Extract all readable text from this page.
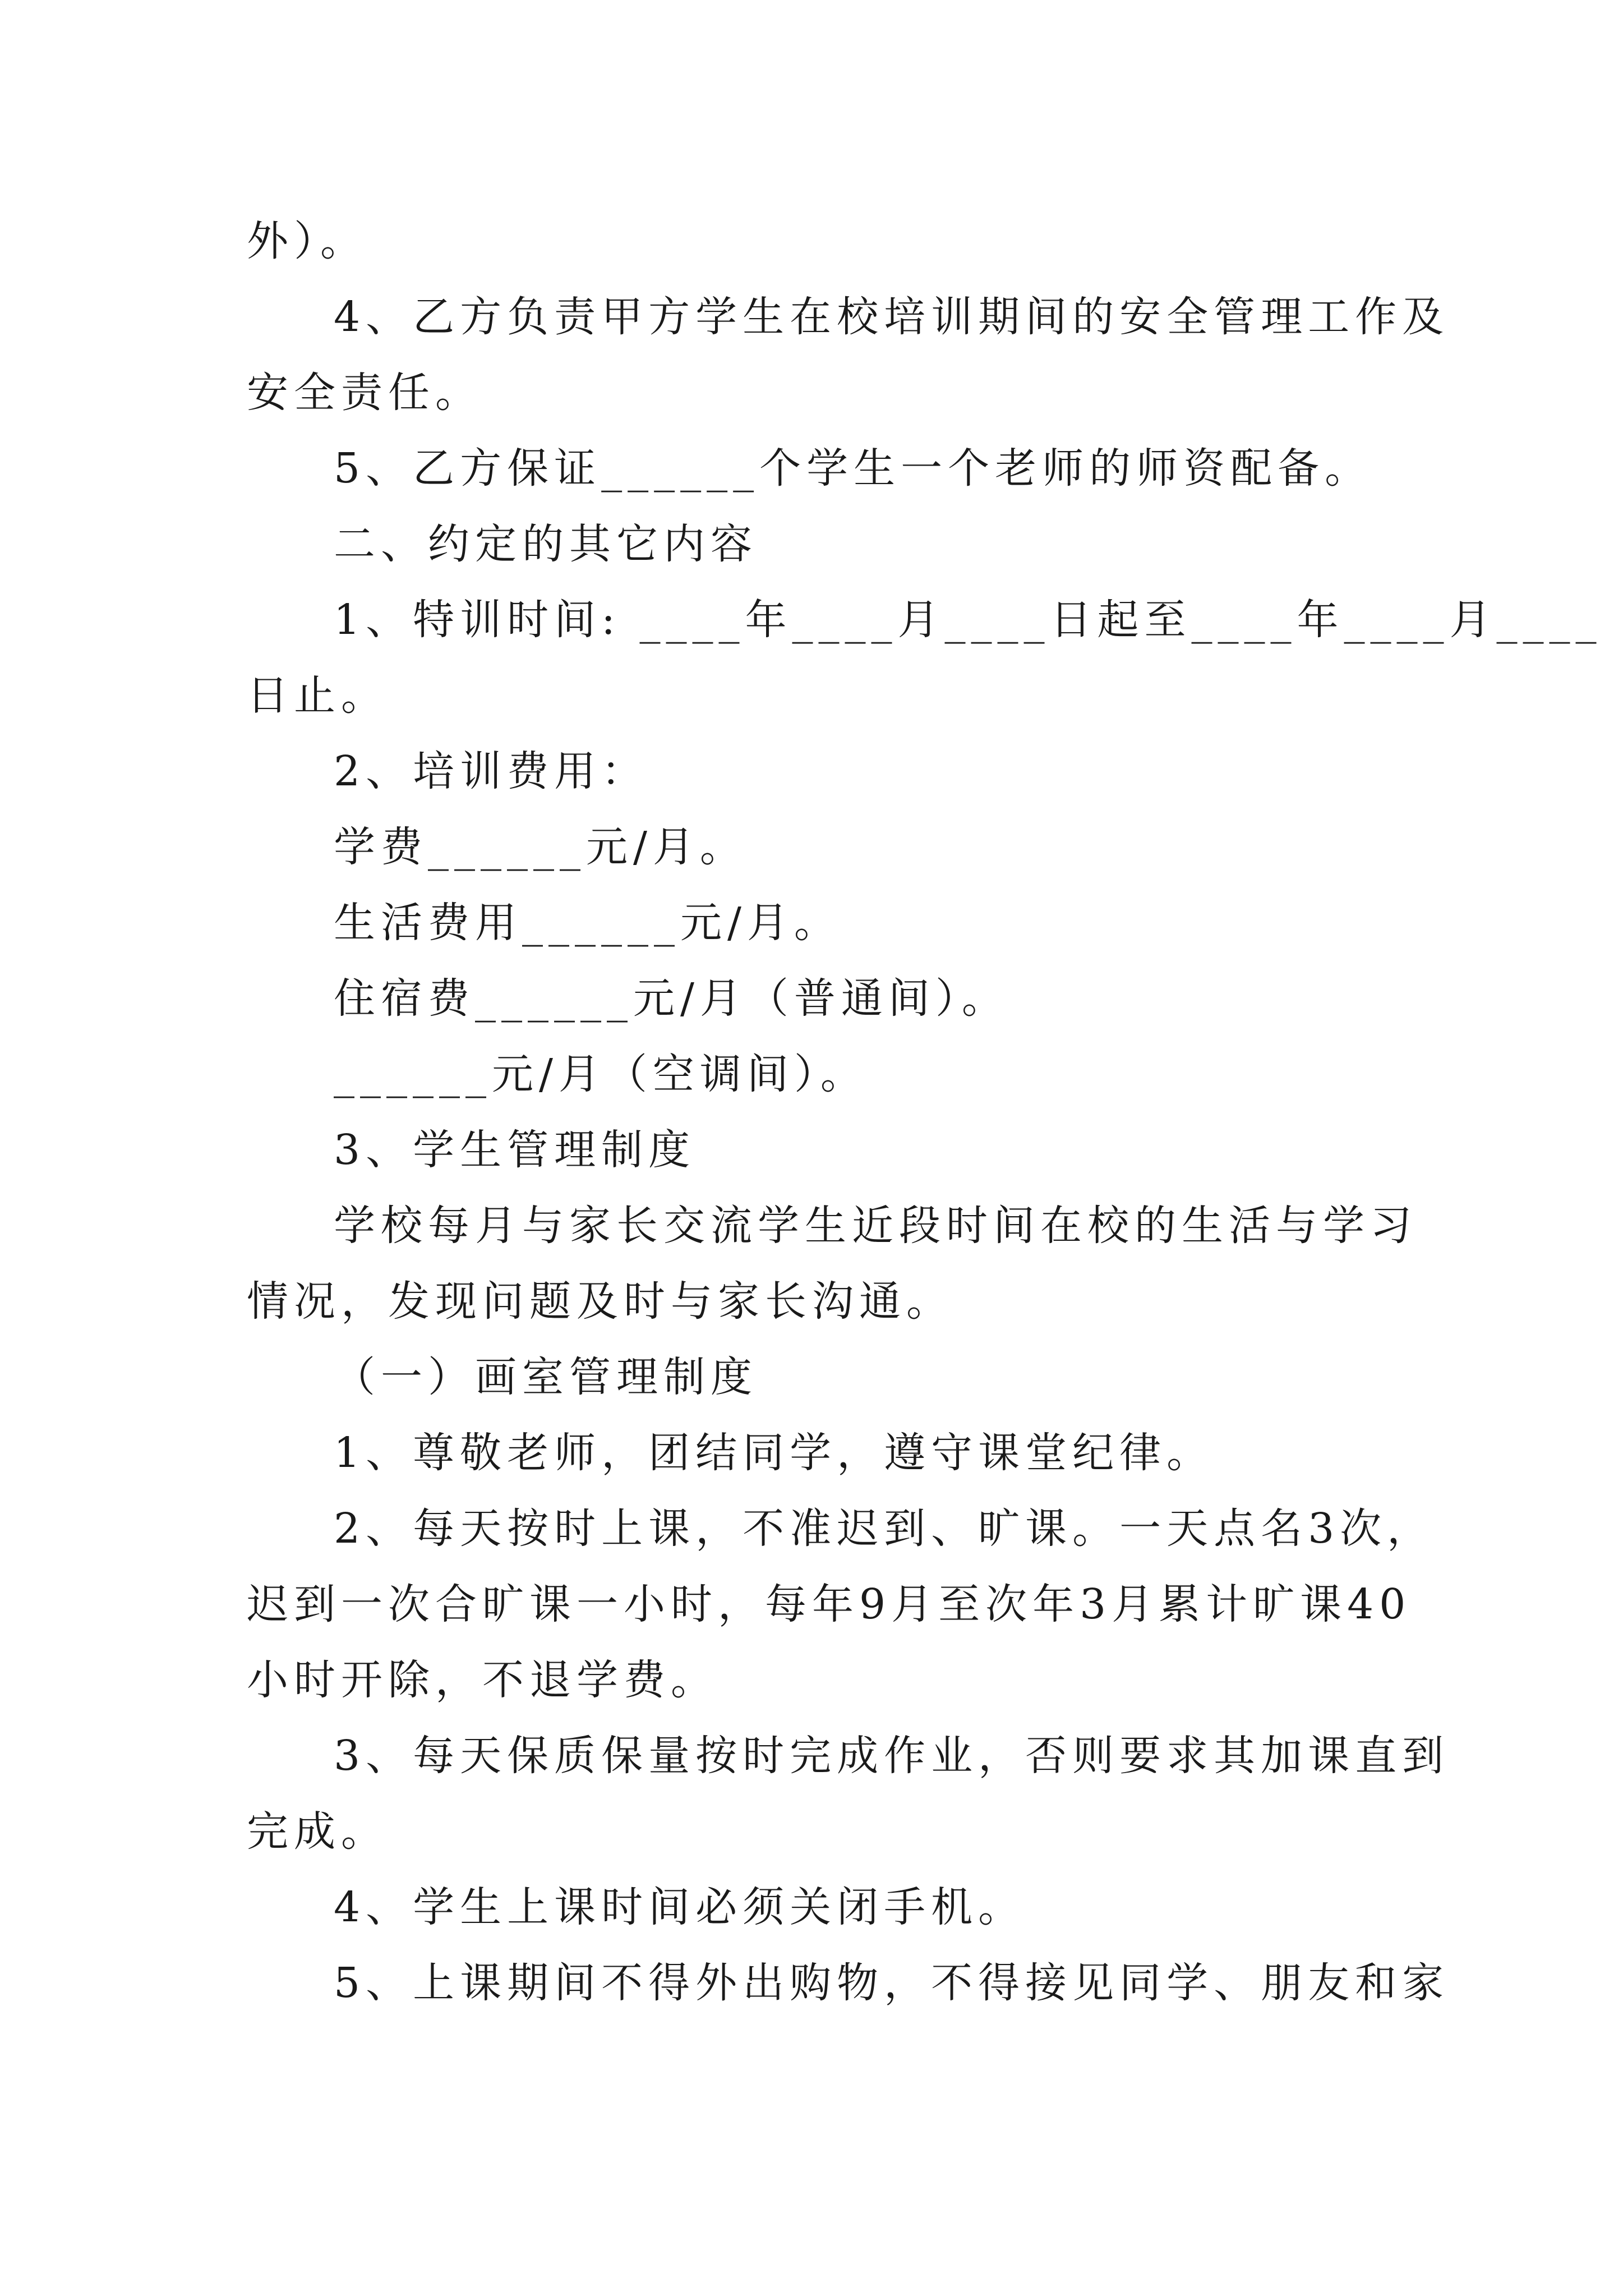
外）。
4、乙方负责甲方学生在校培训期间的安全管理工作及
安全责任。
5、乙方保证______个学生一个老师的师资配备。
二、约定的其它内容
1、特训时间: ____年____月____日起至____年____月____
日止。
2、培训费用：
学费______元/月。
生活费用______元/月。
住宿费______元/月（普通间）。
______元/月（空调间）。
3、学生管理制度
学校每月与家长交流学生近段时间在校的生活与学习
情况，发现问题及时与家长沟通。
（一）画室管理制度
1、尊敬老师，团结同学，遵守课堂纪律。
2、每天按时上课，不准迟到、旷课。一天点名3次，
迟到一次合旷课一小时，每年9月至次年3月累计旷课40
小时开除，不退学费。
3、每天保质保量按时完成作业，否则要求其加课直到
完成。
4、学生上课时间必须关闭手机。
5、上课期间不得外出购物，不得接见同学、朋友和家
